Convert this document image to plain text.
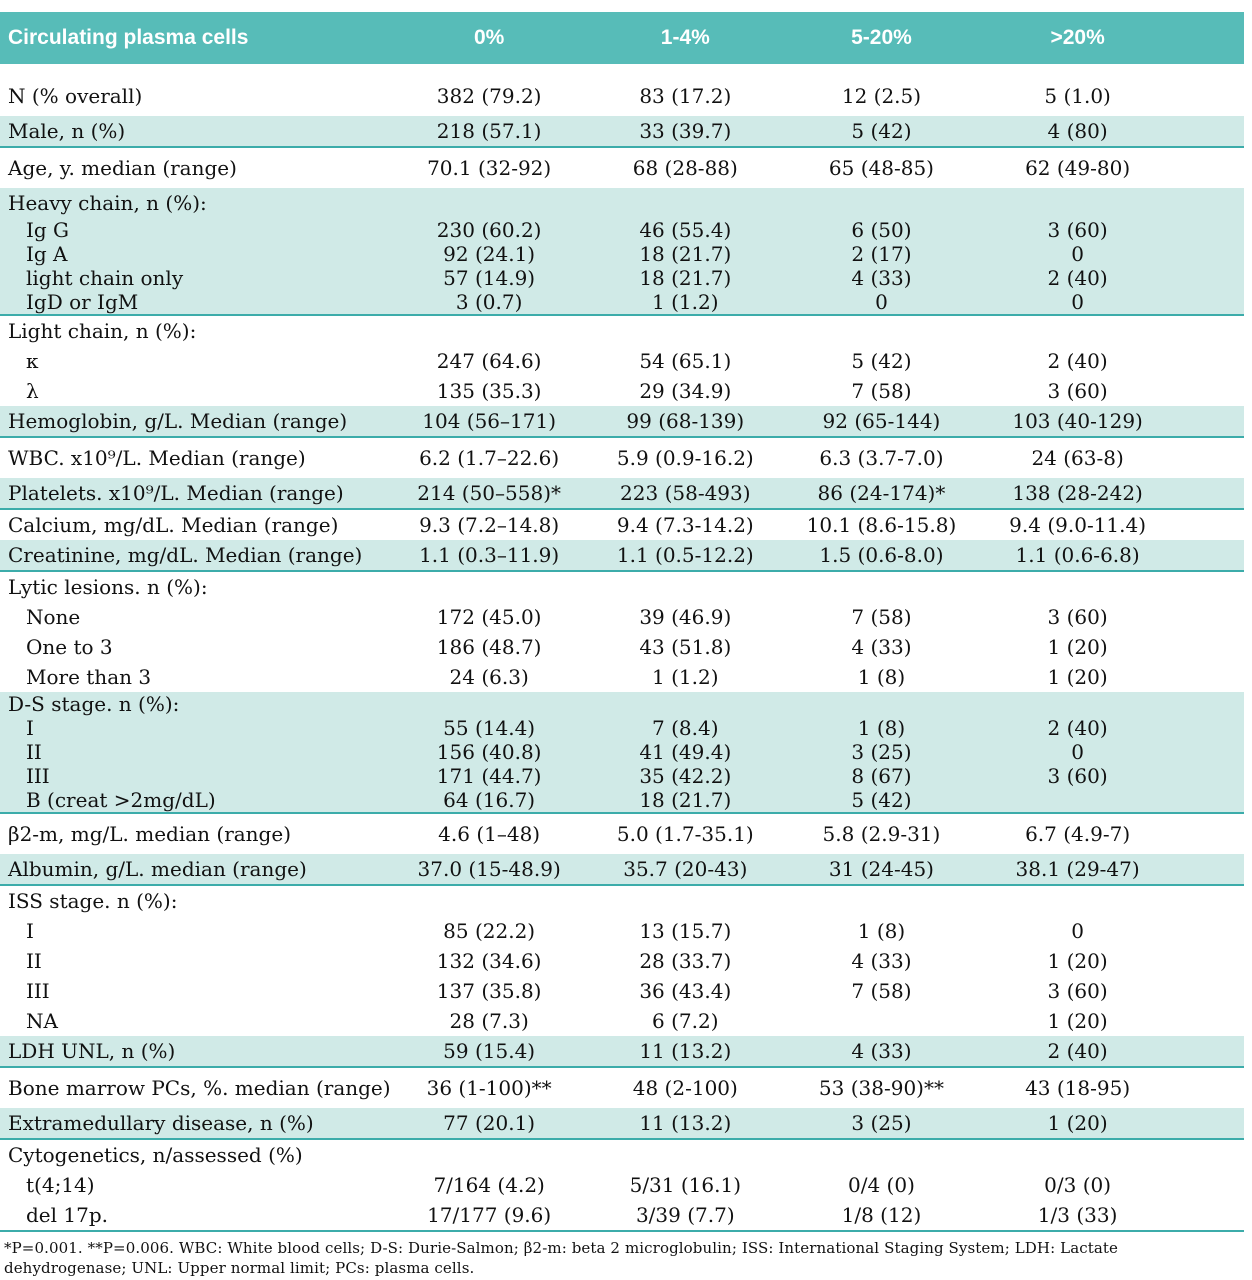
Circulating plasma cells	0%	1-4%	5-20%	>20%	
N (% overall)	382 (79.2)	83 (17.2)	12 (2.5)	5 (1.0)	
Male, n (%)	218 (57.1)	33 (39.7)	5 (42)	4 (80)	
Age, y. median (range)	70.1 (32-92)	68 (28-88)	65 (48-85)	62 (49-80)	
Heavy chain, n (%):					
Ig G	230 (60.2)	46 (55.4)	6 (50)	3 (60)	
Ig A	92 (24.1)	18 (21.7)	2 (17)	0	
light chain only	57 (14.9)	18 (21.7)	4 (33)	2 (40)	
IgD or IgM	3 (0.7)	1 (1.2)	0	0	
Light chain, n (%):					
κ	247 (64.6)	54 (65.1)	5 (42)	2 (40)	
λ	135 (35.3)	29 (34.9)	7 (58)	3 (60)	
Hemoglobin, g/L. Median (range)	104 (56–171)	99 (68-139)	92 (65-144)	103 (40-129)	
WBC. x10⁹/L. Median (range)	6.2 (1.7–22.6)	5.9 (0.9-16.2)	6.3 (3.7-7.0)	24 (63-8)	
Platelets. x10⁹/L. Median (range)	214 (50–558)*	223 (58-493)	86 (24-174)*	138 (28-242)	
Calcium, mg/dL. Median (range)	9.3 (7.2–14.8)	9.4 (7.3-14.2)	10.1 (8.6-15.8)	9.4 (9.0-11.4)	
Creatinine, mg/dL. Median (range)	1.1 (0.3–11.9)	1.1 (0.5-12.2)	1.5 (0.6-8.0)	1.1 (0.6-6.8)	
Lytic lesions. n (%):					
None	172 (45.0)	39 (46.9)	7 (58)	3 (60)	
One to 3	186 (48.7)	43 (51.8)	4 (33)	1 (20)	
More than 3	24 (6.3)	1 (1.2)	1 (8)	1 (20)	
D-S stage. n (%):					
I	55 (14.4)	7 (8.4)	1 (8)	2 (40)	
II	156 (40.8)	41 (49.4)	3 (25)	0	
III	171 (44.7)	35 (42.2)	8 (67)	3 (60)	
B (creat >2mg/dL)	64 (16.7)	18 (21.7)	5 (42)		
β2-m, mg/L. median (range)	4.6 (1–48)	5.0 (1.7-35.1)	5.8 (2.9-31)	6.7 (4.9-7)	
Albumin, g/L. median (range)	37.0 (15-48.9)	35.7 (20-43)	31 (24-45)	38.1 (29-47)	
ISS stage. n (%):					
I	85 (22.2)	13 (15.7)	1 (8)	0	
II	132 (34.6)	28 (33.7)	4 (33)	1 (20)	
III	137 (35.8)	36 (43.4)	7 (58)	3 (60)	
NA	28 (7.3)	6 (7.2)		1 (20)	
LDH UNL, n (%)	59 (15.4)	11 (13.2)	4 (33)	2 (40)	
Bone marrow PCs, %. median (range)	36 (1-100)**	48 (2-100)	53 (38-90)**	43 (18-95)	
Extramedullary disease, n (%)	77 (20.1)	11 (13.2)	3 (25)	1 (20)	
Cytogenetics, n/assessed (%)					
t(4;14)	7/164 (4.2)	5/31 (16.1)	0/4 (0)	0/3 (0)	
del 17p.	17/177 (9.6)	3/39 (7.7)	1/8 (12)	1/3 (33)	
*P=0.001. **P=0.006. WBC: White blood cells; D-S: Durie-Salmon; β2-m: beta 2 microglobulin; ISS: International Staging System; LDH: Lactate dehydrogenase; UNL: Upper normal limit; PCs: plasma cells.
